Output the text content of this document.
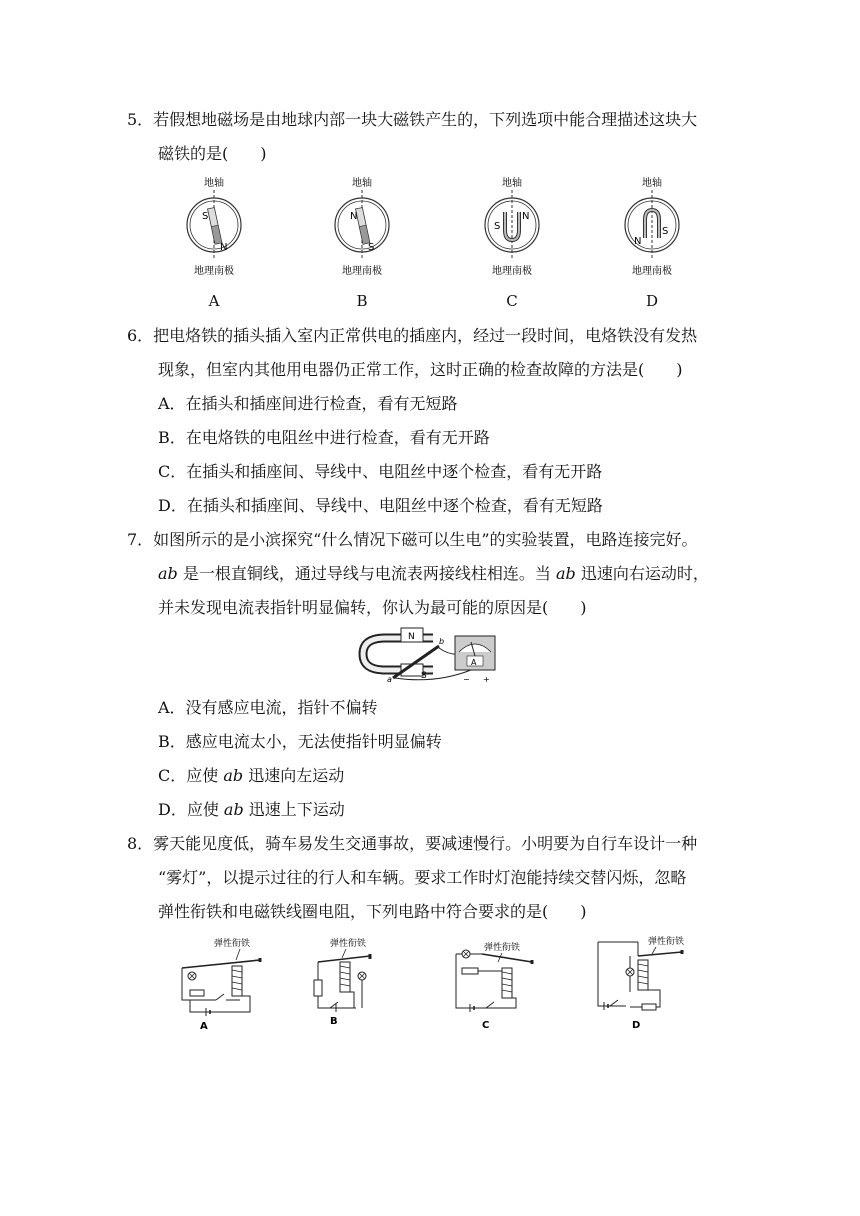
5．若假想地磁场是由地球内部一块大磁铁产生的，下列选项中能合理描述这块大
磁铁的是(　　)
地轴
S
N
地理南极
地轴
N
S
地理南极
地轴
S
N
地理南极
地轴
N
S
地理南极
A	B	C	D
6．把电烙铁的插头插入室内正常供电的插座内，经过一段时间，电烙铁没有发热
现象，但室内其他用电器仍正常工作，这时正确的检查故障的方法是(　　)
A．在插头和插座间进行检查，看有无短路
B．在电烙铁的电阻丝中进行检查，看有无开路
C．在插头和插座间、导线中、电阻丝中逐个检查，看有无开路
D．在插头和插座间、导线中、电阻丝中逐个检查，看有无短路
7．如图所示的是小滨探究“什么情况下磁可以生电”的实验装置，电路连接完好。
ab 是一根直铜线，通过导线与电流表两接线柱相连。当 ab 迅速向右运动时，
并未发现电流表指针明显偏转，你认为最可能的原因是(　　)
N
S
a
b
A
− +
A．没有感应电流，指针不偏转
B．感应电流太小，无法使指针明显偏转
C．应使 ab 迅速向左运动
D．应使 ab 迅速上下运动
8．雾天能见度低，骑车易发生交通事故，要减速慢行。小明要为自行车设计一种
“雾灯”，以提示过往的行人和车辆。要求工作时灯泡能持续交替闪烁，忽略
弹性衔铁和电磁铁线圈电阻，下列电路中符合要求的是(　　)
弹性衔铁
A
弹性衔铁
B
弹性衔铁
C
弹性衔铁
D
